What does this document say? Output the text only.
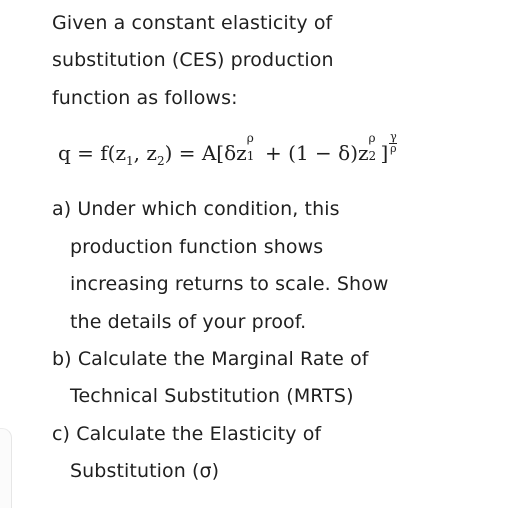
Given a constant elasticity of
substitution (CES) production
function as follows:
$q = f(z_1$, $z_2) = A[\delta z$
ρ
1 + (1 − δ)z
ρ
2 ] $\frac{\gamma}{\rho}$
a) Under which condition, this
production function shows
increasing returns to scale. Show
the details of your proof.
b) Calculate the Marginal Rate of
Technical Substitution (MRTS)
c) Calculate the Elasticity of
Substitution (σ)
